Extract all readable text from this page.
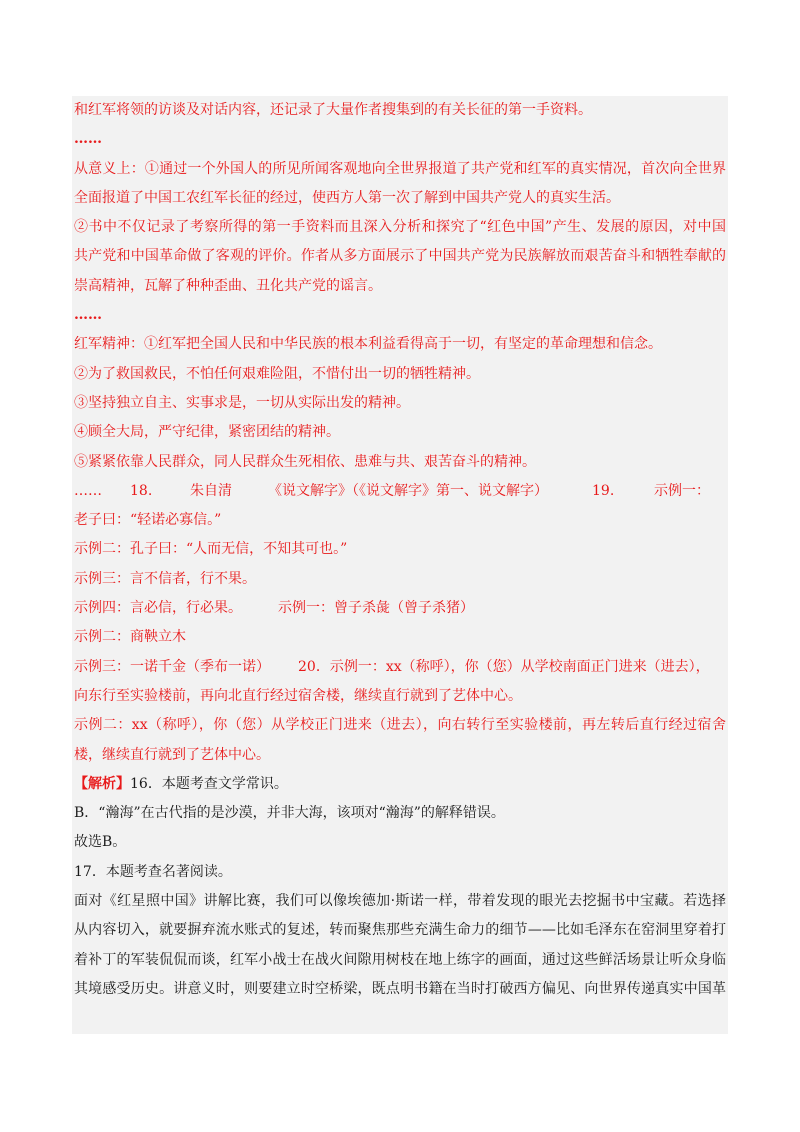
和红军将领的访谈及对话内容，还记录了大量作者搜集到的有关长征的第一手资料。
……
从意义上：①通过一个外国人的所见所闻客观地向全世界报道了共产党和红军的真实情况，首次向全世界
全面报道了中国工农红军长征的经过，使西方人第一次了解到中国共产党人的真实生活。
②书中不仅记录了考察所得的第一手资料而且深入分析和探究了“红色中国”产生、发展的原因，对中国
共产党和中国革命做了客观的评价。作者从多方面展示了中国共产党为民族解放而艰苦奋斗和牺牲奉献的
崇高精神，瓦解了种种歪曲、丑化共产党的谣言。
……
红军精神：①红军把全国人民和中华民族的根本利益看得高于一切，有坚定的革命理想和信念。
②为了救国救民，不怕任何艰难险阻，不惜付出一切的牺牲精神。
③坚持独立自主、实事求是，一切从实际出发的精神。
④顾全大局，严守纪律，紧密团结的精神。
⑤紧紧依靠人民群众，同人民群众生死相依、患难与共、艰苦奋斗的精神。
……	18.	朱自清	《说文解字》（《说文解字》第一、说文解字）	19.	示例一：
老子曰：“轻诺必寡信。”
示例二：孔子曰：“人而无信，不知其可也。”
示例三：言不信者，行不果。
示例四：言必信，行必果。	示例一：曾子杀彘（曾子杀猪）
示例二：商鞅立木
示例三：一诺千金（季布一诺）	20．示例一：xx（称呼），你（您）从学校南面正门进来（进去），
向东行至实验楼前，再向北直行经过宿舍楼，继续直行就到了艺体中心。
示例二：xx（称呼），你（您）从学校正门进来（进去），向右转行至实验楼前，再左转后直行经过宿舍
楼，继续直行就到了艺体中心。
【解析】16．本题考查文学常识。
B．“瀚海”在古代指的是沙漠，并非大海，该项对“瀚海”的解释错误。
故选B。
17．本题考查名著阅读。
面对《红星照中国》讲解比赛，我们可以像埃德加·斯诺一样，带着发现的眼光去挖掘书中宝藏。若选择
从内容切入，就要摒弃流水账式的复述，转而聚焦那些充满生命力的细节——比如毛泽东在窑洞里穿着打
着补丁的军装侃侃而谈，红军小战士在战火间隙用树枝在地上练字的画面，通过这些鲜活场景让听众身临
其境感受历史。讲意义时，则要建立时空桥梁，既点明书籍在当时打破西方偏见、向世界传递真实中国革
